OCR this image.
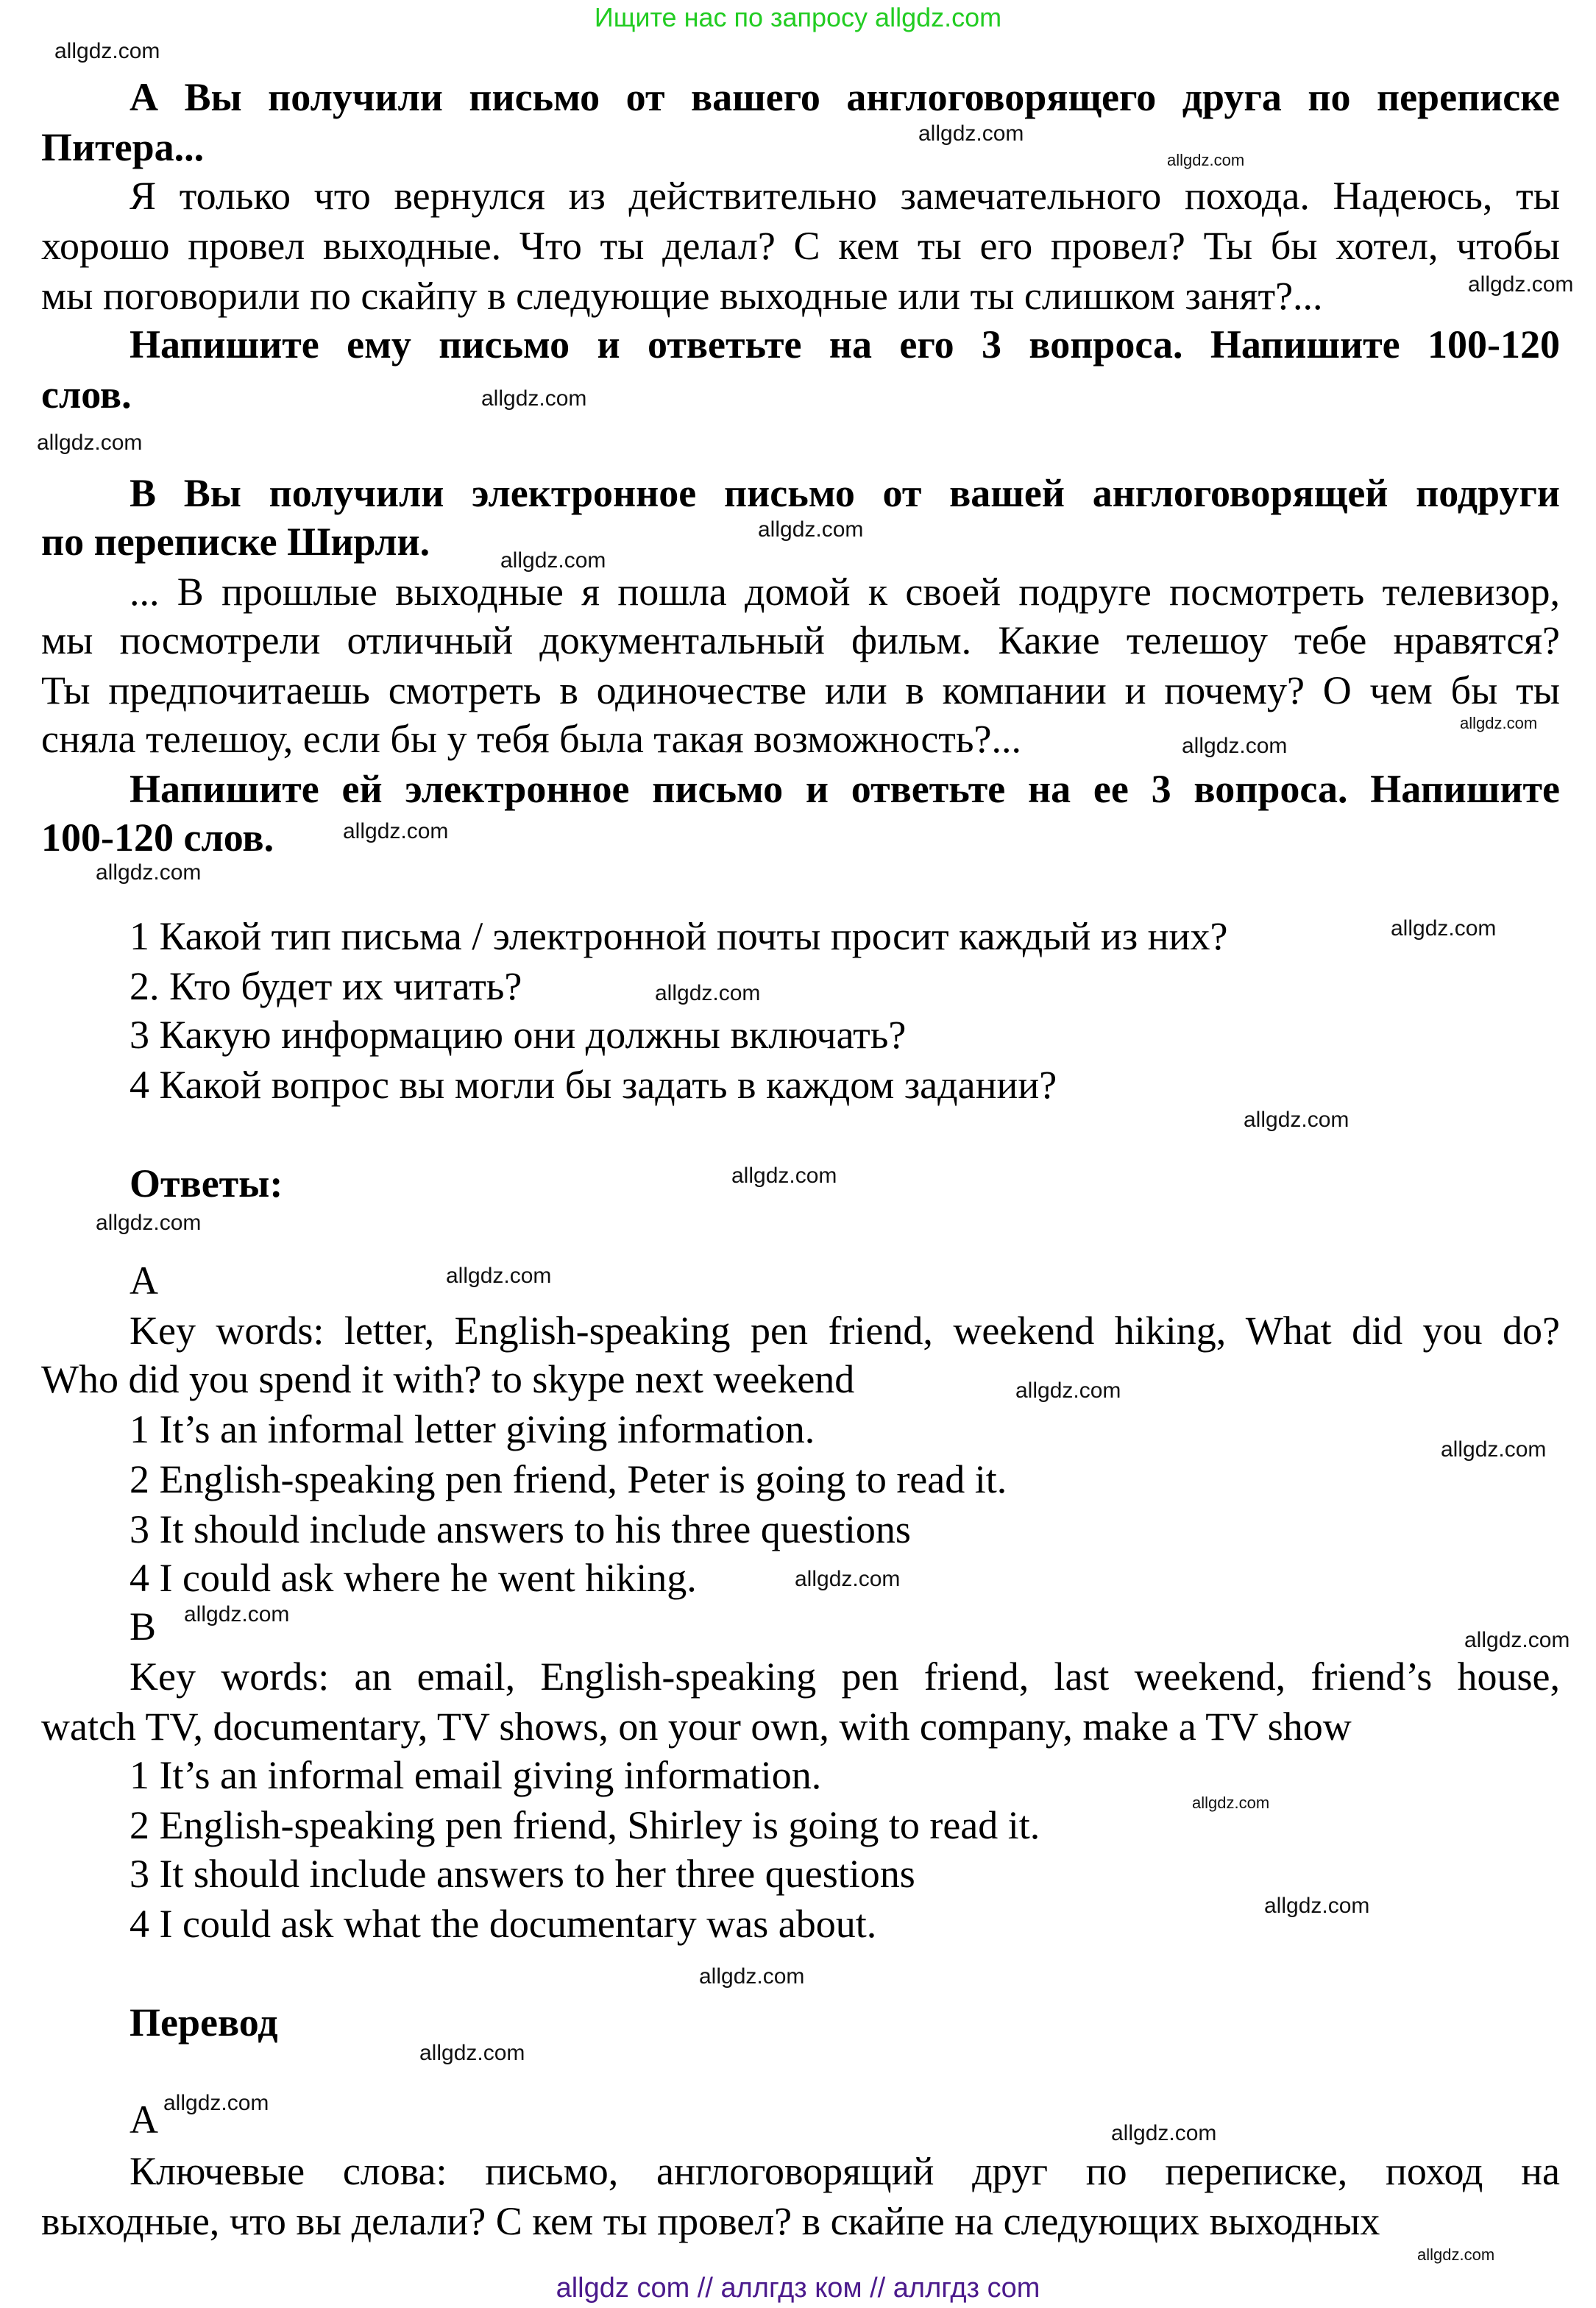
Ищите нас по запросу allgdz.com
А Вы получили письмо от вашего англоговорящего друга по переписке
Питера...
Я только что вернулся из действительно замечательного похода. Надеюсь, ты
хорошо провел выходные. Что ты делал? С кем ты его провел? Ты бы хотел, чтобы
мы поговорили по скайпу в следующие выходные или ты слишком занят?...
Напишите ему письмо и ответьте на его 3 вопроса. Напишите 100-120
слов.
В Вы получили электронное письмо от вашей англоговорящей подруги
по переписке Ширли.
... В прошлые выходные я пошла домой к своей подруге посмотреть телевизор,
мы посмотрели отличный документальный фильм. Какие телешоу тебе нравятся?
Ты предпочитаешь смотреть в одиночестве или в компании и почему? О чем бы ты
сняла телешоу, если бы у тебя была такая возможность?...
Напишите ей электронное письмо и ответьте на ее 3 вопроса. Напишите
100-120 слов.
1 Какой тип письма / электронной почты просит каждый из них?
2. Кто будет их читать?
3 Какую информацию они должны включать?
4 Какой вопрос вы могли бы задать в каждом задании?
Ответы:
A
Key words: letter, English-speaking pen friend, weekend hiking, What did you do?
Who did you spend it with? to skype next weekend
1 It’s an informal letter giving information.
2 English-speaking pen friend, Peter is going to read it.
3 It should include answers to his three questions
4 I could ask where he went hiking.
B
Key words: an email, English-speaking pen friend, last weekend, friend’s house,
watch TV, documentary, TV shows, on your own, with company, make a TV show
1 It’s an informal email giving information.
2 English-speaking pen friend, Shirley is going to read it.
3 It should include answers to her three questions
4 I could ask what the documentary was about.
Перевод
A
Ключевые слова: письмо, англоговорящий друг по переписке, поход на
выходные, что вы делали? С кем ты провел? в скайпе на следующих выходных
allgdz.com
allgdz.com
allgdz.com
allgdz.com
allgdz.com
allgdz.com
allgdz.com
allgdz.com
allgdz.com
allgdz.com
allgdz.com
allgdz.com
allgdz.com
allgdz.com
allgdz.com
allgdz.com
allgdz.com
allgdz.com
allgdz.com
allgdz.com
allgdz.com
allgdz.com
allgdz.com
allgdz.com
allgdz.com
allgdz.com
allgdz.com
allgdz.com
allgdz.com
allgdz.com
allgdz com // аллгдз ком // аллгдз com
